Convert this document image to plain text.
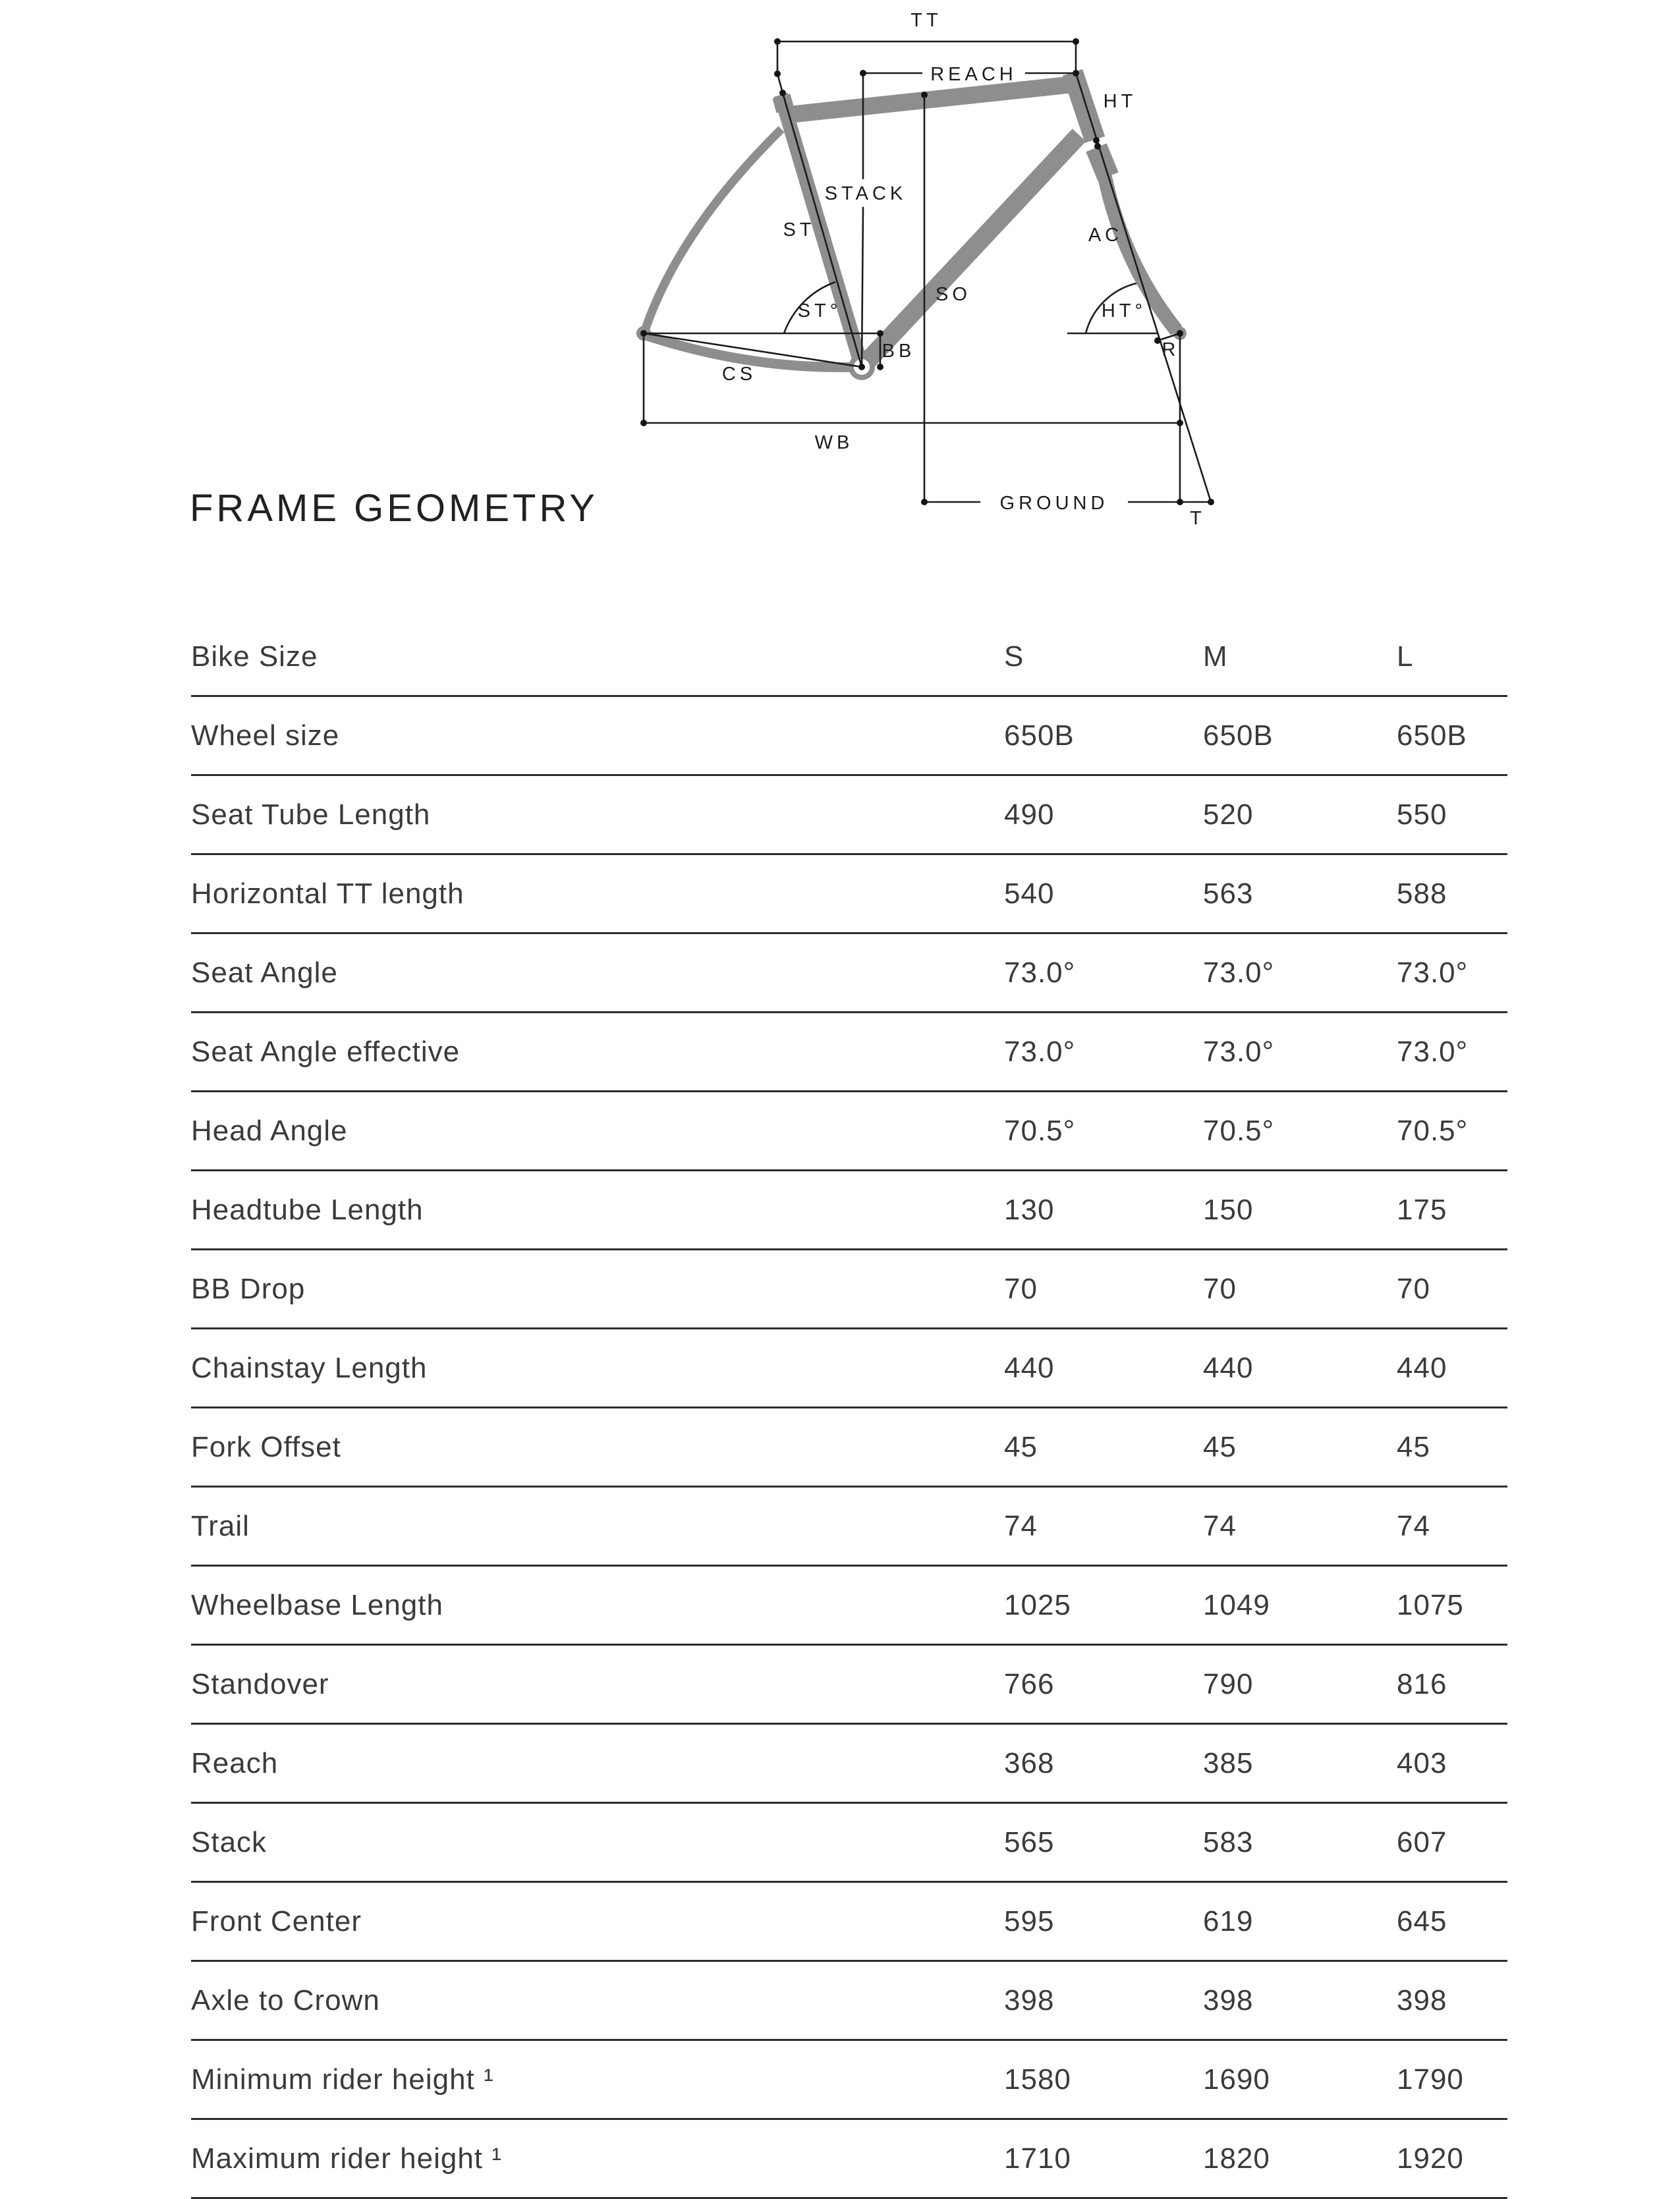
TT
REACH
HT
STACK
ST
ST°
SO
AC
HT°
BB	R
CS
WB
GROUND
T
FRAME GEOMETRY
Bike Size	S	M	L
Wheel size	650B	650B	650B
Seat Tube Length	490	520	550
Horizontal TT length	540	563	588
Seat Angle	73.0°	73.0°	73.0°
Seat Angle effective	73.0°	73.0°	73.0°
Head Angle	70.5°	70.5°	70.5°
Headtube Length	130	150	175
BB Drop	70	70	70
Chainstay Length	440	440	440
Fork Offset	45	45	45
Trail	74	74	74
Wheelbase Length	1025	1049	1075
Standover	766	790	816
Reach	368	385	403
Stack	565	583	607
Front Center	595	619	645
Axle to Crown	398	398	398
Minimum rider height ¹	1580	1690	1790
Maximum rider height ¹	1710	1820	1920
